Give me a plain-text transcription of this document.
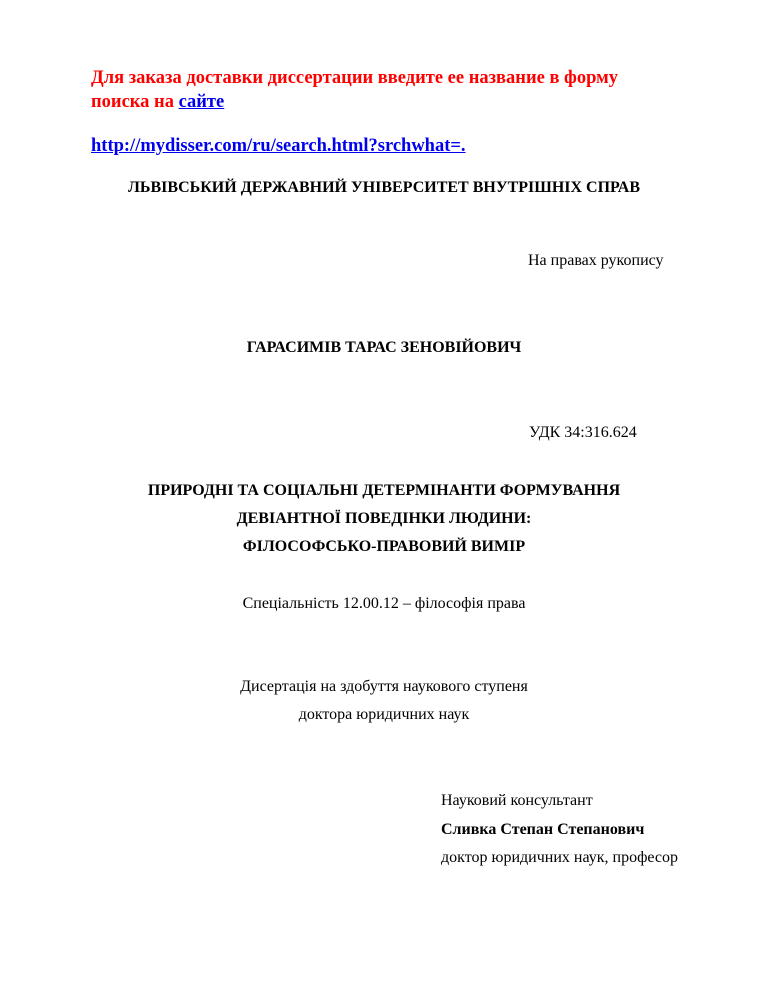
Для заказа доставки диссертации введите ее название в форму
поиска на сайте
http://mydisser.com/ru/search.html?srchwhat=.
ЛЬВІВСЬКИЙ ДЕРЖАВНИЙ УНІВЕРСИТЕТ ВНУТРІШНІХ СПРАВ
На правах рукопису
ГАРАСИМІВ ТАРАС ЗЕНОВІЙОВИЧ
УДК 34:316.624
ПРИРОДНІ ТА СОЦІАЛЬНІ ДЕТЕРМІНАНТИ ФОРМУВАННЯ
ДЕВІАНТНОЇ ПОВЕДІНКИ ЛЮДИНИ:
ФІЛОСОФСЬКО-ПРАВОВИЙ ВИМІР
Спеціальність 12.00.12 – філософія права
Дисертація на здобуття наукового ступеня
доктора юридичних наук
Науковий консультант
Сливка Степан Степанович
доктор юридичних наук, професор
